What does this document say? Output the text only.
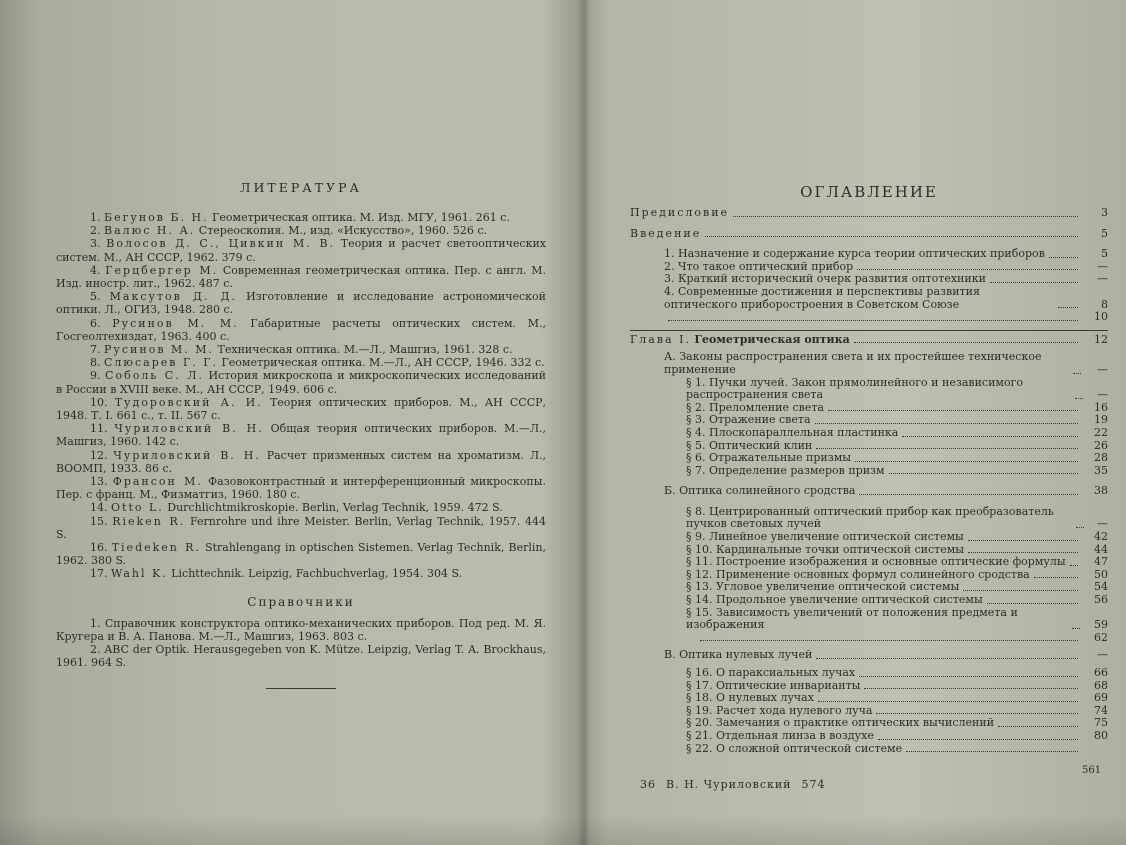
ЛИТЕРАТУРА
1. Бегунов Б. Н. Геометрическая оптика. М. Изд. МГУ, 1961. 261 с.
2. Валюс Н. А. Стереоскопия. М., изд. «Искусство», 1960. 526 с.
3. Волосов Д. С., Цивкин М. В. Теория и расчет светооптических систем. М., АН СССР, 1962. 379 с.
4. Герцбергер М. Современная геометрическая оптика. Пер. с англ. М. Изд. иностр. лит., 1962. 487 с.
5. Максутов Д. Д. Изготовление и исследование астрономической оптики. Л., ОГИЗ, 1948. 280 с.
6. Русинов М. М. Габаритные расчеты оптических систем. М., Госгеолтехиздат, 1963. 400 с.
7. Русинов М. М. Техническая оптика. М.—Л., Машгиз, 1961. 328 с.
8. Слюсарев Г. Г. Геометрическая оптика. М.—Л., АН СССР, 1946. 332 с.
9. Соболь С. Л. История микроскопа и микроскопических исследований в России в XVIII веке. М., АН СССР, 1949. 606 с.
10. Тудоровский А. И. Теория оптических приборов. М., АН СССР, 1948. Т. I. 661 с., т. II. 567 с.
11. Чуриловский В. Н. Общая теория оптических приборов. М.—Л., Машгиз, 1960. 142 с.
12. Чуриловский В. Н. Расчет призменных систем на хроматизм. Л., ВООМП, 1933. 86 с.
13. Франсон М. Фазовоконтрастный и интерференционный микроскопы. Пер. с франц. М., Физматгиз, 1960. 180 с.
14. Otto L. Durchlichtmikroskopie. Berlin, Verlag Technik, 1959. 472 S.
15. Rieken R. Fernrohre und ihre Meister. Berlin, Verlag Technik, 1957. 444 S.
16. Tiedeken R. Strahlengang in optischen Sistemen. Verlag Technik, Berlin, 1962. 380 S.
17. Wahl K. Lichttechnik. Leipzig, Fachbuchverlag, 1954. 304 S.
Справочники
1. Справочник конструктора оптико-механических приборов. Под ред. М. Я. Кругера и В. А. Панова. М.—Л., Машгиз, 1963. 803 с.
2. ABC der Optik. Herausgegeben von K. Mütze. Leipzig, Verlag T. A. Brockhaus, 1961. 964 S.
ОГЛАВЛЕНИЕ
Предисловие	3
Введение	5
1. Назначение и содержание курса теории оптических приборов	5
2. Что такое оптический прибор	—
3. Краткий исторический очерк развития оптотехники	—
4. Современные достижения и перспективы развития оптического приборостроения в Советском Союзе	8
10
Глава I.
Геометрическая оптика	12
А. Законы распространения света и их простейшее техническое применение	—
§ 1. Пучки лучей. Закон прямолинейного и независимого распространения света	—
§ 2. Преломление света	16
§ 3. Отражение света	19
§ 4. Плоскопараллельная пластинка	22
§ 5. Оптический клин	26
§ 6. Отражательные призмы	28
§ 7. Определение размеров призм	35
Б. Оптика солинейного сродства	38
§ 8. Центрированный оптический прибор как преобразователь пучков световых лучей	—
§ 9. Линейное увеличение оптической системы	42
§ 10. Кардинальные точки оптической системы	44
§ 11. Построение изображения и основные оптические формулы	47
§ 12. Применение основных формул солинейного сродства	50
§ 13. Угловое увеличение оптической системы	54
§ 14. Продольное увеличение оптической системы	56
§ 15. Зависимость увеличений от положения предмета и изображения	59
62
В. Оптика нулевых лучей	—
§ 16. О параксиальных лучах	66
§ 17. Оптические инварианты	68
§ 18. О нулевых лучах	69
§ 19. Расчет хода нулевого луча	74
§ 20. Замечания о практике оптических вычислений	75
§ 21. Отдельная линза в воздухе	80
§ 22. О сложной оптической системе
36 В. Н. Чуриловский 574
561
